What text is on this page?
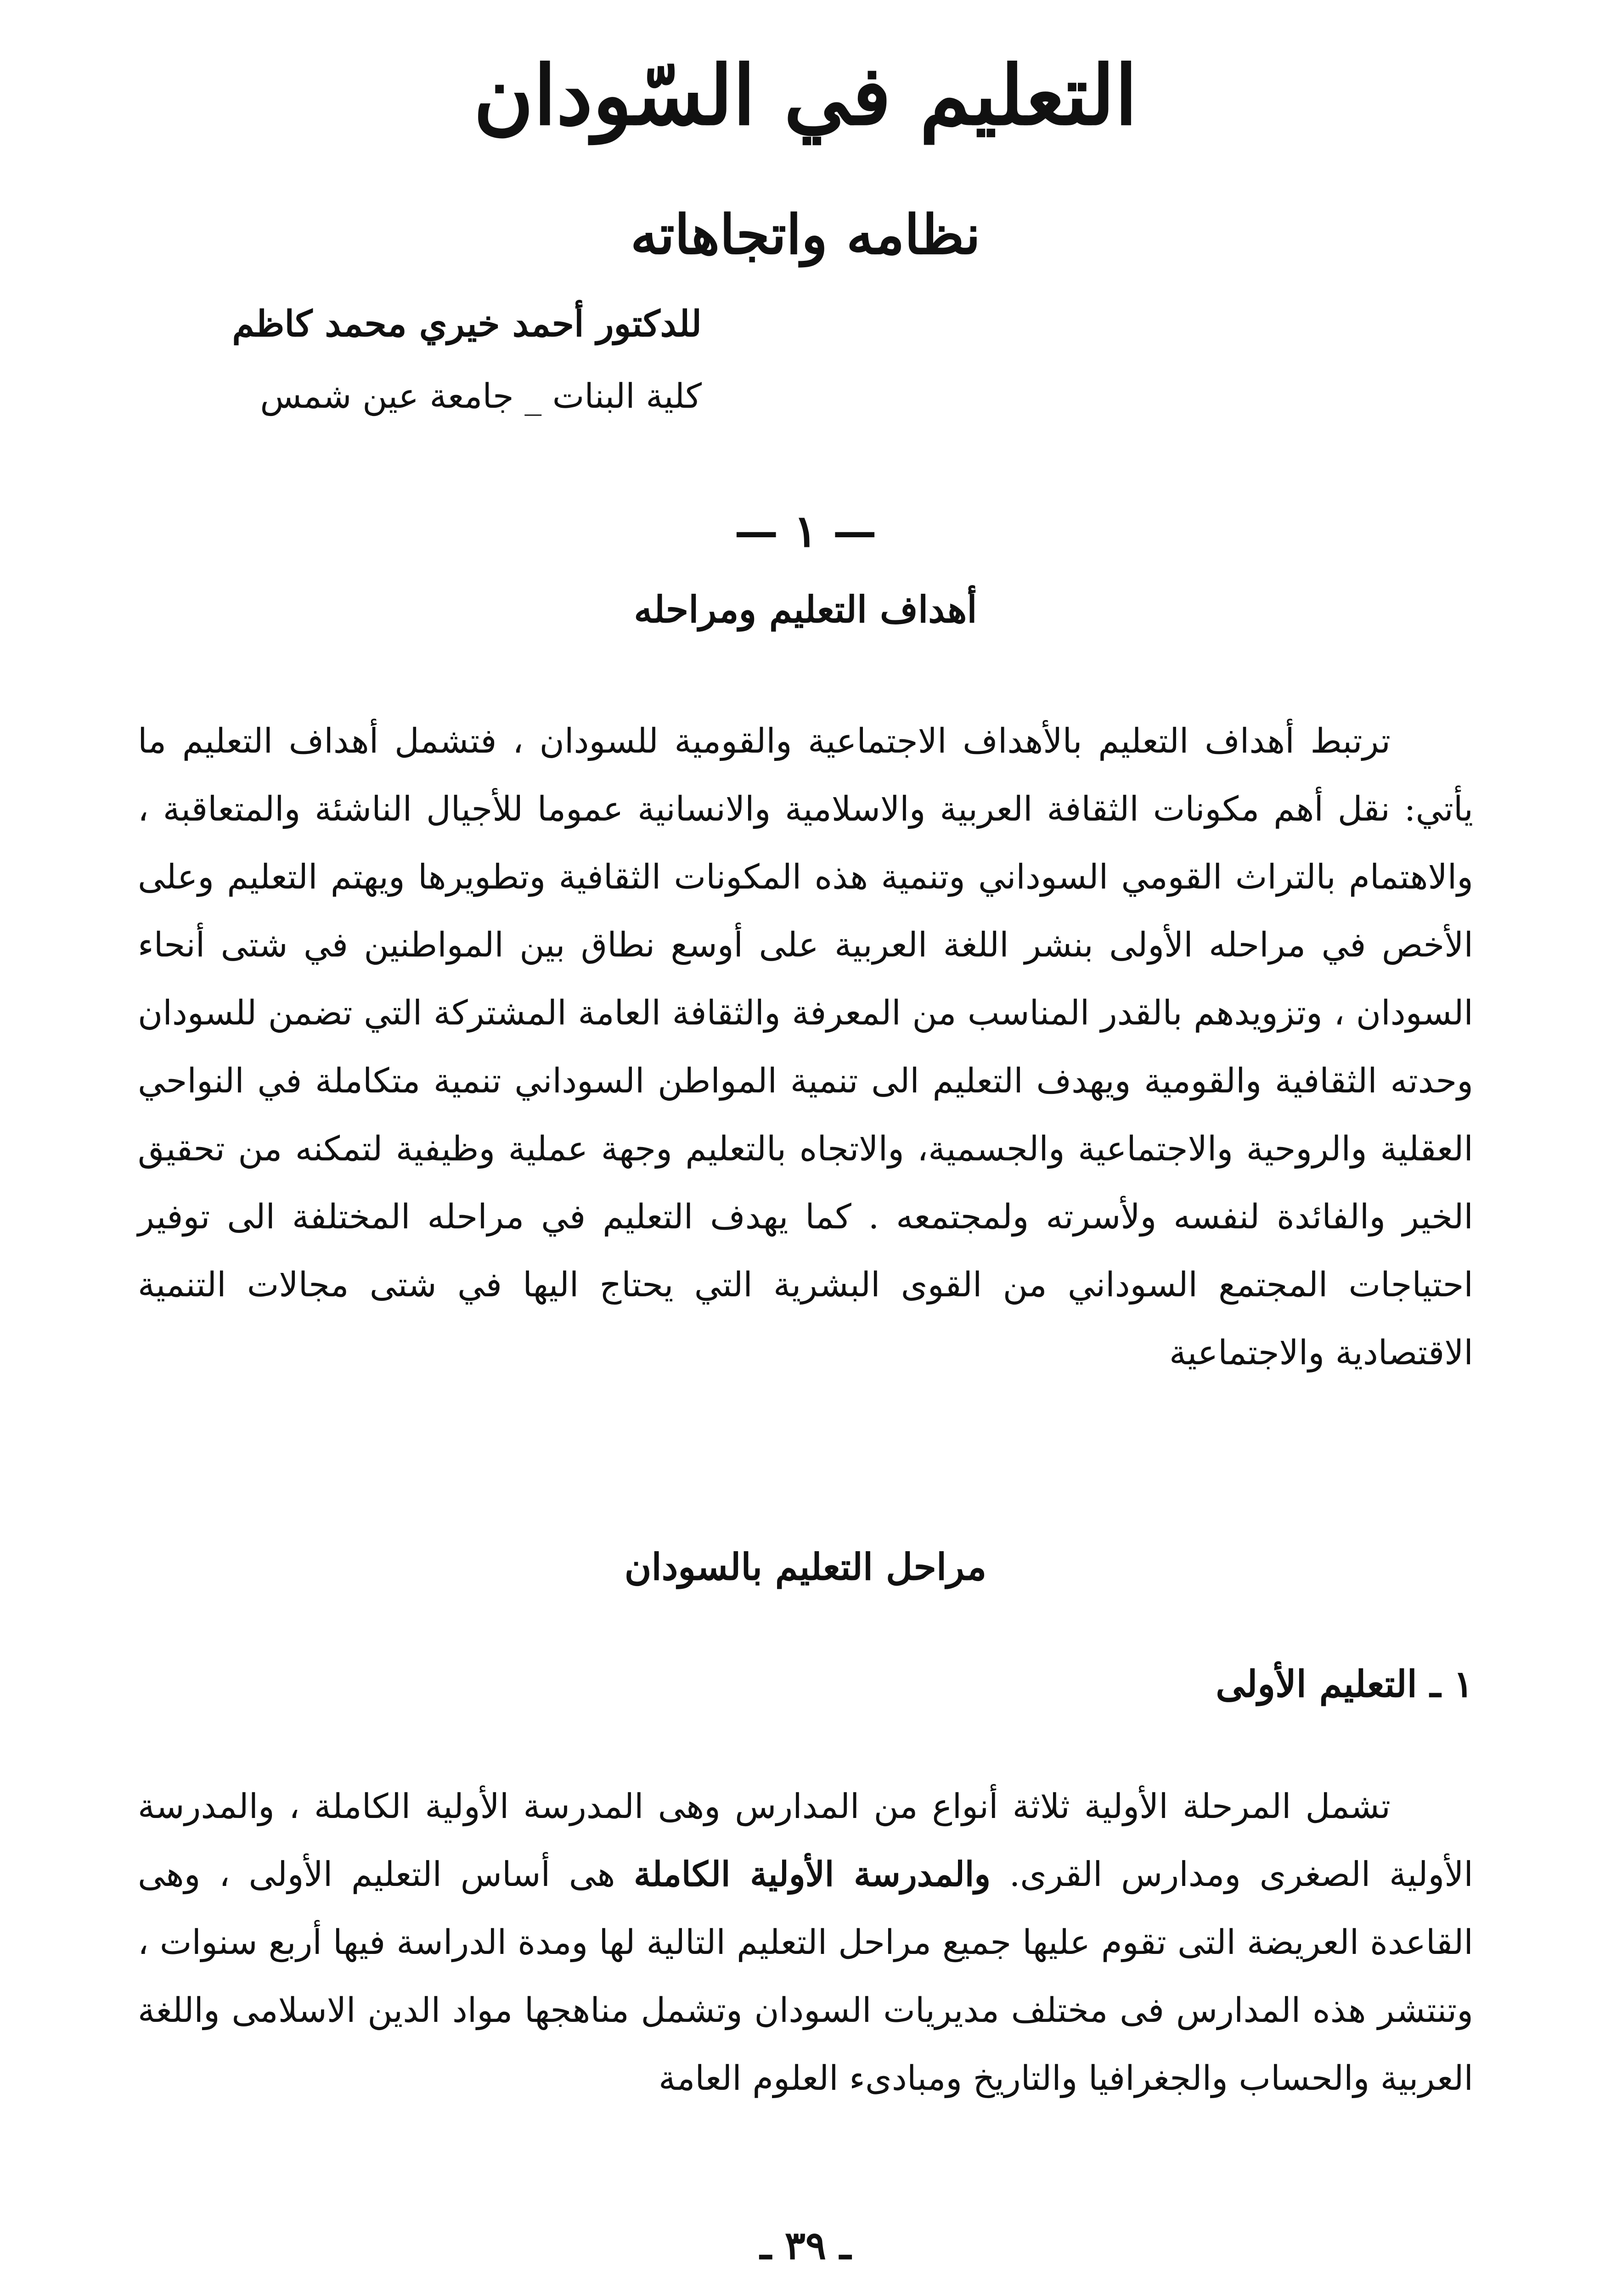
التعليم في السّودان
نظامه واتجاهاته

للدكتور أحمد خيري محمد كاظم

كلية البنات _ جامعة عين شمس

— ١ —

أهداف التعليم ومراحله

ترتبط أهداف التعليم بالأهداف الاجتماعية والقومية للسودان ، فتشمل أهداف التعليم ما يأتي: نقل أهم مكونات الثقافة العربية والاسلامية والانسانية عموما للأجيال الناشئة والمتعاقبة ، والاهتمام بالتراث القومي السوداني وتنمية هذه المكونات الثقافية وتطويرها ويهتم التعليم وعلى الأخص في مراحله الأولى بنشر اللغة العربية على أوسع نطاق بين المواطنين في شتى أنحاء السودان ، وتزويدهم بالقدر المناسب من المعرفة والثقافة العامة المشتركة التي تضمن للسودان وحدته الثقافية والقومية ويهدف التعليم الى تنمية المواطن السوداني تنمية متكاملة في النواحي العقلية والروحية والاجتماعية والجسمية، والاتجاه بالتعليم وجهة عملية وظيفية لتمكنه من تحقيق الخير والفائدة لنفسه ولأسرته ولمجتمعه . كما يهدف التعليم في مراحله المختلفة الى توفير احتياجات المجتمع السوداني من القوى البشرية التي يحتاج اليها في شتى مجالات التنمية الاقتصادية والاجتماعية

مراحل التعليم بالسودان
١ ـ التعليم الأولى

تشمل المرحلة الأولية ثلاثة أنواع من المدارس وهى المدرسة الأولية الكاملة ، والمدرسة الأولية الصغرى ومدارس القرى. والمدرسة الأولية الكاملة هى أساس التعليم الأولى ، وهى القاعدة العريضة التى تقوم عليها جميع مراحل التعليم التالية لها ومدة الدراسة فيها أربع سنوات ، وتنتشر هذه المدارس فى مختلف مديريات السودان وتشمل مناهجها مواد الدين الاسلامى واللغة العربية والحساب والجغرافيا والتاريخ ومبادىء العلوم العامة

ـ ٣٩ ـ
